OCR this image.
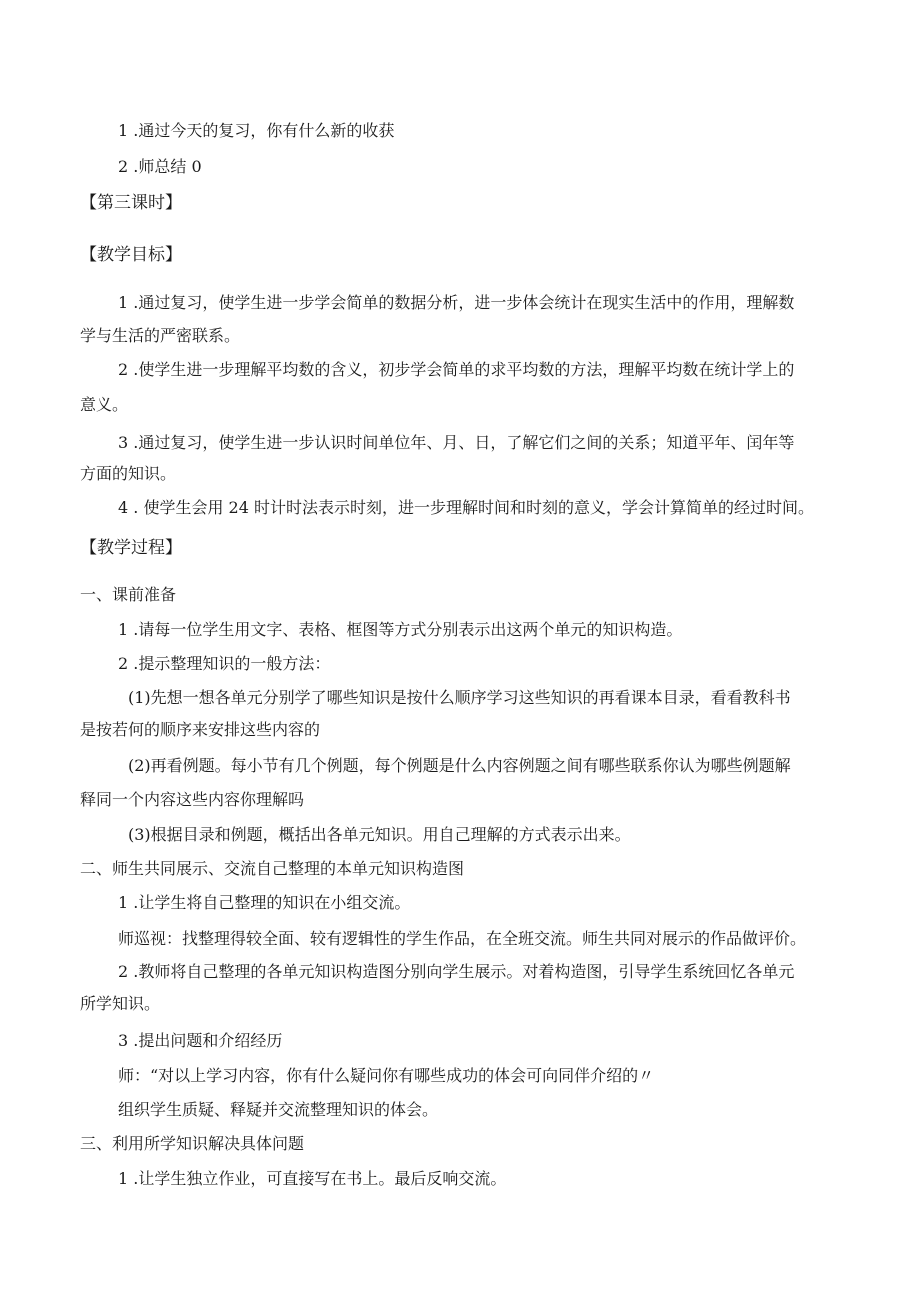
1 .通过今天的复习，你有什么新的收获
2 .师总结 0
【第三课时】
【教学目标】
1 .通过复习，使学生进一步学会简单的数据分析，进一步体会统计在现实生活中的作用，理解数
学与生活的严密联系。
2 .使学生进一步理解平均数的含义，初步学会简单的求平均数的方法，理解平均数在统计学上的
意义。
3 .通过复习，使学生进一步认识时间单位年、月、日，了解它们之间的关系；知道平年、闰年等
方面的知识。
4 . 使学生会用 24 时计时法表示时刻，进一步理解时间和时刻的意义，学会计算简单的经过时间。
【教学过程】
一、课前准备
1 .请每一位学生用文字、表格、框图等方式分别表示出这两个单元的知识构造。
2 .提示整理知识的一般方法：
(1)先想一想各单元分别学了哪些知识是按什么顺序学习这些知识的再看课本目录，看看教科书
是按若何的顺序来安排这些内容的
(2)再看例题。每小节有几个例题，每个例题是什么内容例题之间有哪些联系你认为哪些例题解
释同一个内容这些内容你理解吗
(3)根据目录和例题，概括出各单元知识。用自己理解的方式表示出来。
二、师生共同展示、交流自己整理的本单元知识构造图
1 .让学生将自己整理的知识在小组交流。
师巡视：找整理得较全面、较有逻辑性的学生作品，在全班交流。师生共同对展示的作品做评价。
2 .教师将自己整理的各单元知识构造图分别向学生展示。对着构造图，引导学生系统回忆各单元
所学知识。
3 .提出问题和介绍经历
师：“对以上学习内容，你有什么疑问你有哪些成功的体会可向同伴介绍的〃
组织学生质疑、释疑并交流整理知识的体会。
三、利用所学知识解决具体问题
1 .让学生独立作业，可直接写在书上。最后反响交流。
